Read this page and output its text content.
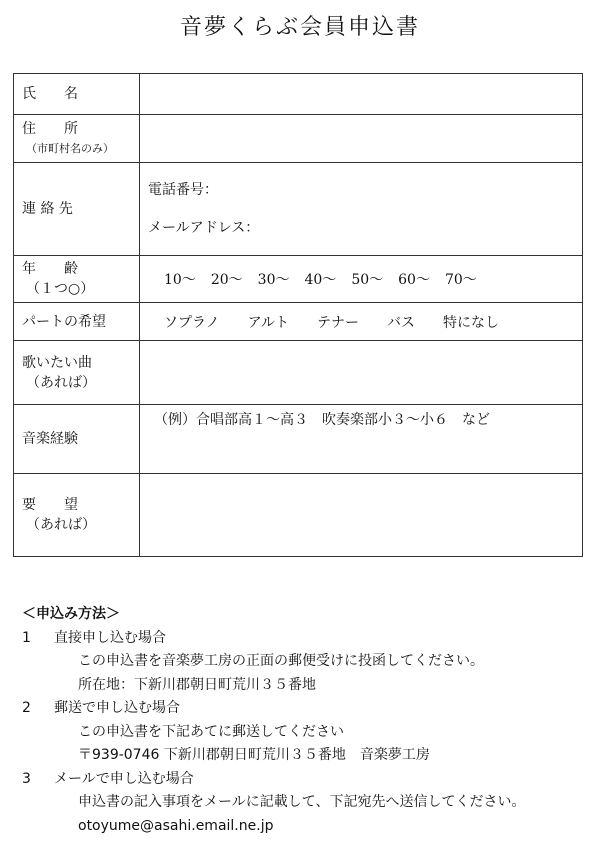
音夢くらぶ会員申込書
氏　　名	

住　　所
（市町村名のみ）	

連 絡 先	電話番号：
メールアドレス：

年　　齢
（１つ○）	10〜 20〜 30〜 40〜 50〜 60〜 70〜

パートの希望	ソプラノ アルト テナー バス 特になし

歌いたい曲
（あれば）	

音楽経験	（例）合唱部高１〜高３　吹奏楽部小３〜小６　など

要　　望
（あれば）	

＜申込み方法＞
1 直接申し込む場合
この申込書を音楽夢工房の正面の郵便受けに投函してください。
所在地：下新川郡朝日町荒川３５番地
2 郵送で申し込む場合
この申込書を下記あてに郵送してください
〒939-0746 下新川郡朝日町荒川３５番地　音楽夢工房
3 メールで申し込む場合
申込書の記入事項をメールに記載して、下記宛先へ送信してください。
otoyume@asahi.email.ne.jp
